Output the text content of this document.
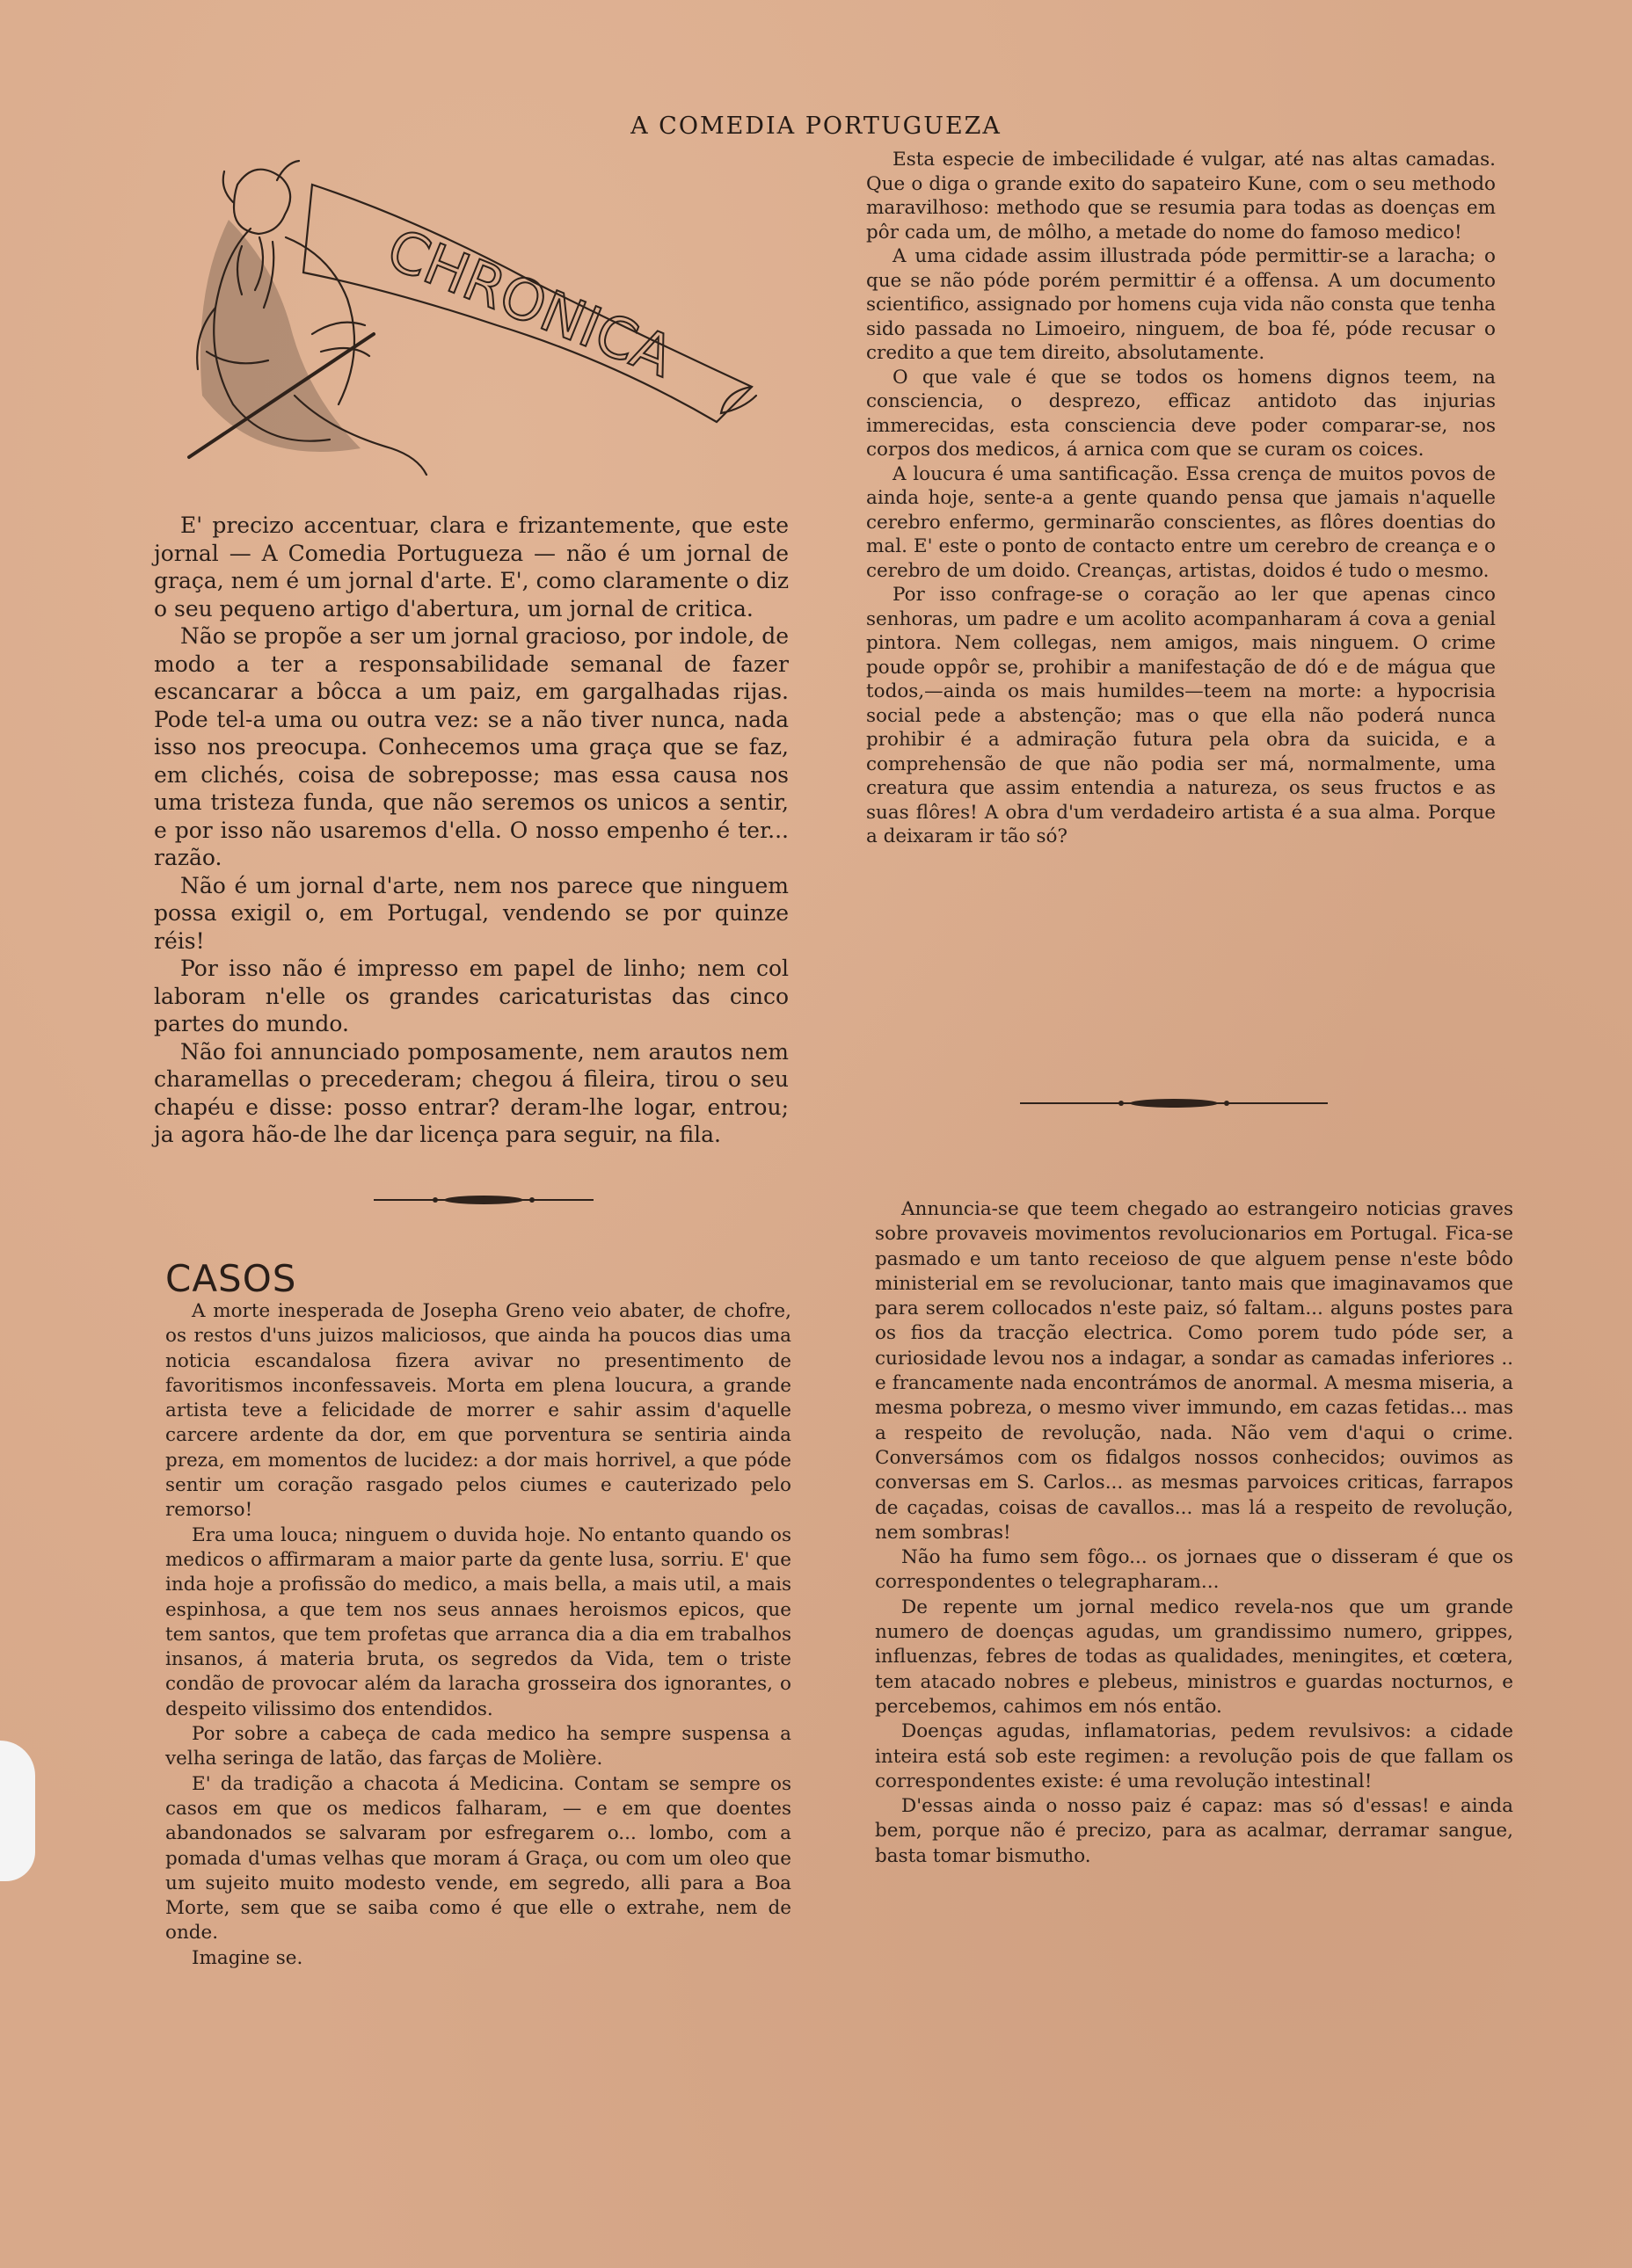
A COMEDIA PORTUGUEZA
CHRONICA

E' precizo accentuar, clara e frizantemente, que este jornal — A Comedia Portugueza — não é um jornal de graça, nem é um jornal d'arte. E', como claramente o diz o seu pequeno artigo d'abertura, um jornal de critica.

Não se propõe a ser um jornal gracioso, por indole, de modo a ter a responsabilidade semanal de fazer escancarar a bôcca a um paiz, em gargalhadas rijas. Pode tel-a uma ou outra vez: se a não tiver nunca, nada isso nos preocupa. Conhecemos uma graça que se faz, em clichés, coisa de sobreposse; mas essa causa nos uma tristeza funda, que não seremos os unicos a sentir, e por isso não usaremos d'ella. O nosso empenho é ter... razão.

Não é um jornal d'arte, nem nos parece que ninguem possa exigil o, em Portugal, vendendo se por quinze réis!

Por isso não é impresso em papel de linho; nem col laboram n'elle os grandes caricaturistas das cinco partes do mundo.

Não foi annunciado pomposamente, nem arautos nem charamellas o precederam; chegou á fileira, tirou o seu chapéu e disse: posso entrar? deram-lhe logar, entrou; ja agora hão-de lhe dar licença para seguir, na fila.

Esta especie de imbecilidade é vulgar, até nas altas camadas. Que o diga o grande exito do sapateiro Kune, com o seu methodo maravilhoso: methodo que se resumia para todas as doenças em pôr cada um, de môlho, a metade do nome do famoso medico!

A uma cidade assim illustrada póde permittir-se a laracha; o que se não póde porém permittir é a offensa. A um documento scientifico, assignado por homens cuja vida não consta que tenha sido passada no Limoeiro, ninguem, de boa fé, póde recusar o credito a que tem direito, absolutamente.

O que vale é que se todos os homens dignos teem, na consciencia, o desprezo, efficaz antidoto das injurias immerecidas, esta consciencia deve poder comparar-se, nos corpos dos medicos, á arnica com que se curam os coices.

A loucura é uma santificação. Essa crença de muitos povos de ainda hoje, sente-a a gente quando pensa que jamais n'aquelle cerebro enfermo, germinarão conscientes, as flôres doentias do mal. E' este o ponto de contacto entre um cerebro de creança e o cerebro de um doido. Creanças, artistas, doidos é tudo o mesmo.

Por isso confrage-se o coração ao ler que apenas cinco senhoras, um padre e um acolito acompanharam á cova a genial pintora. Nem collegas, nem amigos, mais ninguem. O crime poude oppôr se, prohibir a manifestação de dó e de mágua que todos,—ainda os mais humildes—teem na morte: a hypocrisia social pede a abstenção; mas o que ella não poderá nunca prohibir é a admiração futura pela obra da suicida, e a comprehensão de que não podia ser má, normalmente, uma creatura que assim entendia a natureza, os seus fructos e as suas flôres! A obra d'um verdadeiro artista é a sua alma. Porque a deixaram ir tão só?

CASOS

A morte inesperada de Josepha Greno veio abater, de chofre, os restos d'uns juizos maliciosos, que ainda ha poucos dias uma noticia escandalosa fizera avivar no presentimento de favoritismos inconfessaveis. Morta em plena loucura, a grande artista teve a felicidade de morrer e sahir assim d'aquelle carcere ardente da dor, em que porventura se sentiria ainda preza, em momentos de lucidez: a dor mais horrivel, a que póde sentir um coração rasgado pelos ciumes e cauterizado pelo remorso!

Era uma louca; ninguem o duvida hoje. No entanto quando os medicos o affirmaram a maior parte da gente lusa, sorriu. E' que inda hoje a profissão do medico, a mais bella, a mais util, a mais espinhosa, a que tem nos seus annaes heroismos epicos, que tem santos, que tem profetas que arranca dia a dia em trabalhos insanos, á materia bruta, os segredos da Vida, tem o triste condão de provocar além da laracha grosseira dos ignorantes, o despeito vilissimo dos entendidos.

Por sobre a cabeça de cada medico ha sempre suspensa a velha seringa de latão, das farças de Molière.

E' da tradição a chacota á Medicina. Contam se sempre os casos em que os medicos falharam, — e em que doentes abandonados se salvaram por esfregarem o... lombo, com a pomada d'umas velhas que moram á Graça, ou com um oleo que um sujeito muito modesto vende, em segredo, alli para a Boa Morte, sem que se saiba como é que elle o extrahe, nem de onde.

Imagine se.

Annuncia-se que teem chegado ao estrangeiro noticias graves sobre provaveis movimentos revolucionarios em Portugal. Fica-se pasmado e um tanto receioso de que alguem pense n'este bôdo ministerial em se revolucionar, tanto mais que imaginavamos que para serem collocados n'este paiz, só faltam... alguns postes para os fios da tracção electrica. Como porem tudo póde ser, a curiosidade levou nos a indagar, a sondar as camadas inferiores .. e francamente nada encontrámos de anormal. A mesma miseria, a mesma pobreza, o mesmo viver immundo, em cazas fetidas... mas a respeito de revolução, nada. Não vem d'aqui o crime. Conversámos com os fidalgos nossos conhecidos; ouvimos as conversas em S. Carlos... as mesmas parvoices criticas, farrapos de caçadas, coisas de cavallos... mas lá a respeito de revolução, nem sombras!

Não ha fumo sem fôgo... os jornaes que o disseram é que os correspondentes o telegrapharam...

De repente um jornal medico revela-nos que um grande numero de doenças agudas, um grandissimo numero, grippes, influenzas, febres de todas as qualidades, meningites, et cœtera, tem atacado nobres e plebeus, ministros e guardas nocturnos, e percebemos, cahimos em nós então.

Doenças agudas, inflamatorias, pedem revulsivos: a cidade inteira está sob este regimen: a revolução pois de que fallam os correspondentes existe: é uma revolução intestinal!

D'essas ainda o nosso paiz é capaz: mas só d'essas! e ainda bem, porque não é precizo, para as acalmar, derramar sangue, basta tomar bismutho.
